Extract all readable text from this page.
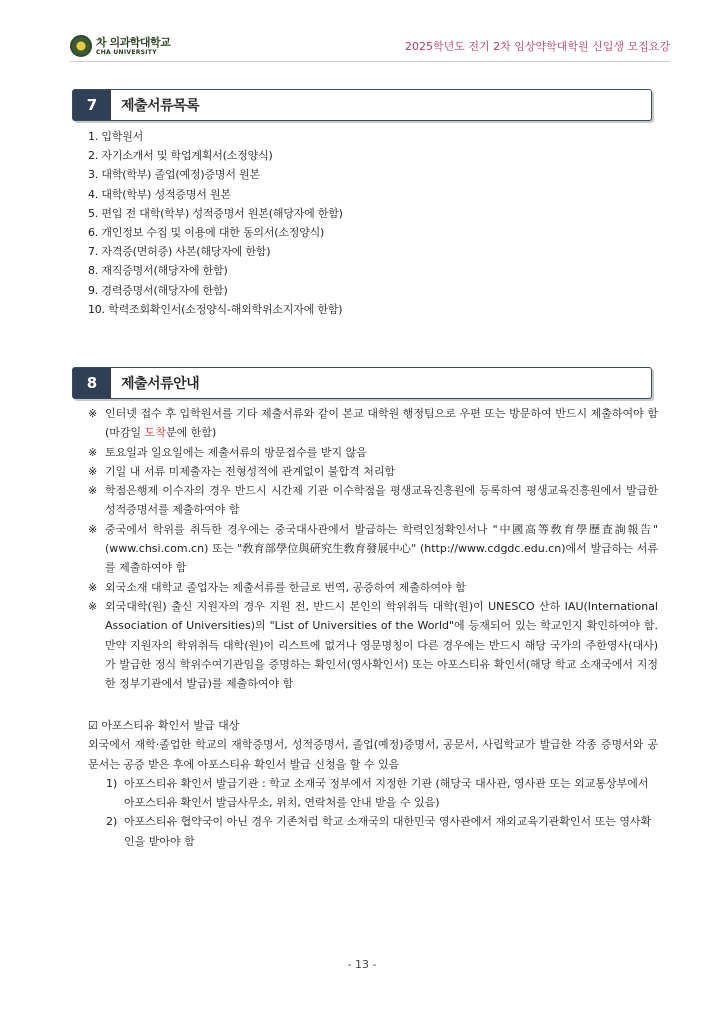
차 의과학대학교
CHA UNIVERSITY	2025학년도 전기 2차 임상약학대학원 신입생 모집요강
7	제출서류목록
1. 입학원서
2. 자기소개서 및 학업계획서(소정양식)
3. 대학(학부) 졸업(예정)증명서 원본
4. 대학(학부) 성적증명서 원본
5. 편입 전 대학(학부) 성적증명서 원본(해당자에 한함)
6. 개인정보 수집 및 이용에 대한 동의서(소정양식)
7. 자격증(면허증) 사본(해당자에 한함)
8. 재직증명서(해당자에 한함)
9. 경력증명서(해당자에 한함)
10. 학력조회확인서(소정양식-해외학위소지자에 한함)
8	제출서류안내
※ 인터넷 접수 후 입학원서를 기타 제출서류와 같이 본교 대학원 행정팀으로 우편 또는 방문하여 반드시 제출하여야 함(마감일 도착분에 한함)
※ 토요일과 일요일에는 제출서류의 방문접수를 받지 않음
※ 기일 내 서류 미제출자는 전형성적에 관계없이 불합격 처리함
※ 학점은행제 이수자의 경우 반드시 시간제 기관 이수학점을 평생교육진흥원에 등록하여 평생교육진흥원에서 발급한 성적증명서를 제출하여야 함
※ 중국에서 학위를 취득한 경우에는 중국대사관에서 발급하는 학력인정확인서나 "中國高等敎育學歷査詢報告" (www.chsi.com.cn) 또는 "敎育部學位與硏究生敎育發展中心" (http://www.cdgdc.edu.cn)에서 발급하는 서류를 제출하여야 함
※ 외국소재 대학교 졸업자는 제출서류를 한글로 번역, 공증하여 제출하여야 함
※ 외국대학(원) 출신 지원자의 경우 지원 전, 반드시 본인의 학위취득 대학(원)이 UNESCO 산하 IAU(International Association of Universities)의 "List of Universities of the World"에 등재되어 있는 학교인지 확인하여야 함. 만약 지원자의 학위취득 대학(원)이 리스트에 없거나 영문명칭이 다른 경우에는 반드시 해당 국가의 주한영사(대사)가 발급한 정식 학위수여기관임을 증명하는 확인서(영사확인서) 또는 아포스티유 확인서(해당 학교 소재국에서 지정한 정부기관에서 발급)를 제출하여야 함
☑ 아포스티유 확인서 발급 대상
외국에서 재학‧졸업한 학교의 재학증명서, 성적증명서, 졸업(예정)증명서, 공문서, 사립학교가 발급한 각종 증명서와 공문서는 공증 받은 후에 아포스티유 확인서 발급 신청을 할 수 있음
1) 아포스티유 확인서 발급기관 : 학교 소재국 정부에서 지정한 기관 (해당국 대사관, 영사관 또는 외교통상부에서 아포스티유 확인서 발급사무소, 위치, 연락처를 안내 받을 수 있음)
2) 아포스티유 협약국이 아닌 경우 기존처럼 학교 소재국의 대한민국 영사관에서 재외교육기관확인서 또는 영사확인을 받아야 함
- 13 -
